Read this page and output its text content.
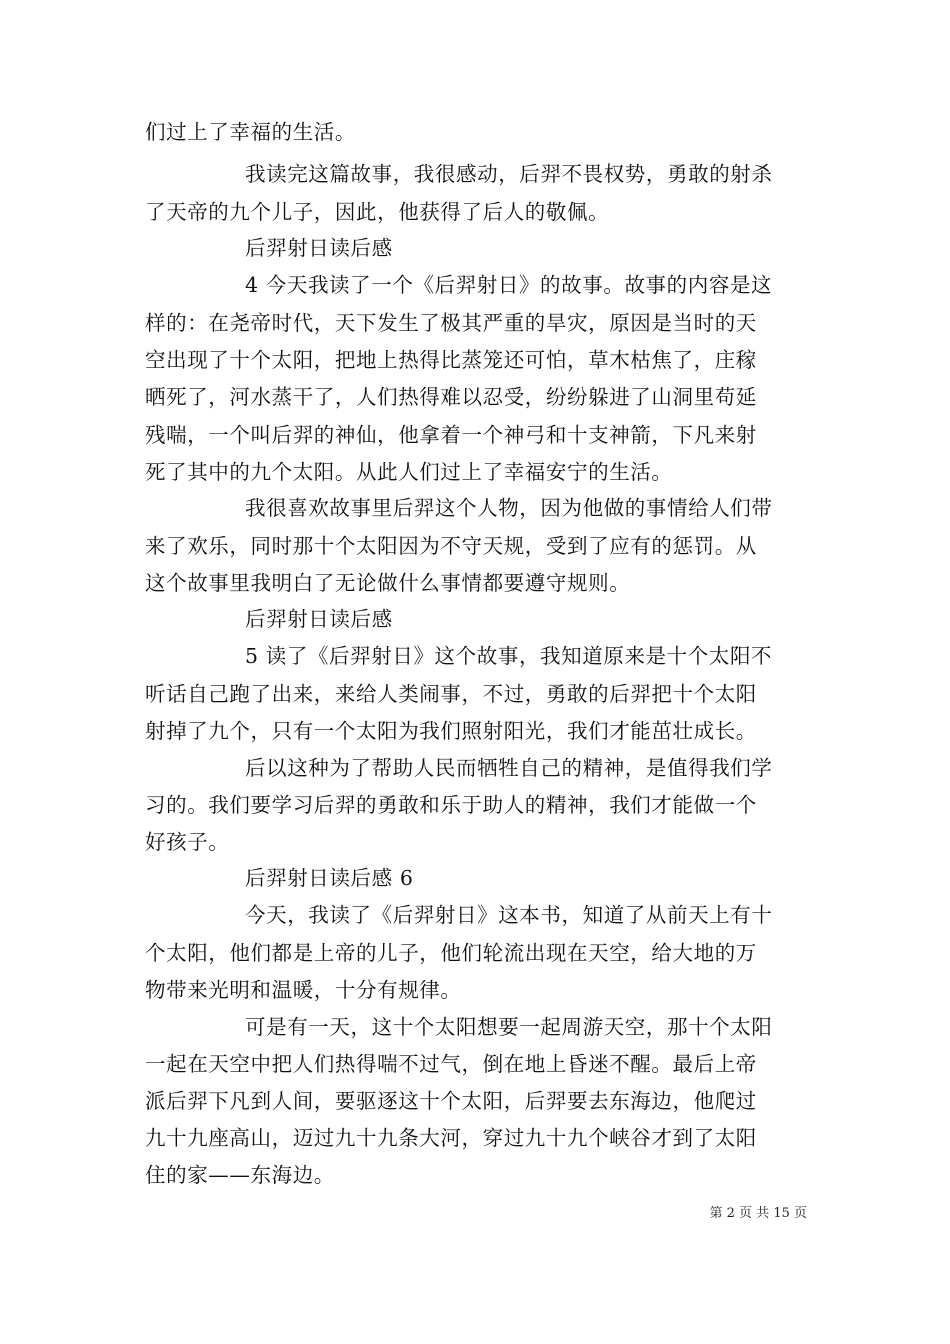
们过上了幸福的生活。
我读完这篇故事，我很感动，后羿不畏权势，勇敢的射杀
了天帝的九个儿子，因此，他获得了后人的敬佩。
后羿射日读后感
4 今天我读了一个《后羿射日》的故事。故事的内容是这
样的：在尧帝时代，天下发生了极其严重的旱灾，原因是当时的天
空出现了十个太阳，把地上热得比蒸笼还可怕，草木枯焦了，庄稼
晒死了，河水蒸干了，人们热得难以忍受，纷纷躲进了山洞里苟延
残喘，一个叫后羿的神仙，他拿着一个神弓和十支神箭，下凡来射
死了其中的九个太阳。从此人们过上了幸福安宁的生活。
我很喜欢故事里后羿这个人物，因为他做的事情给人们带
来了欢乐，同时那十个太阳因为不守天规，受到了应有的惩罚。从
这个故事里我明白了无论做什么事情都要遵守规则。
后羿射日读后感
5 读了《后羿射日》这个故事，我知道原来是十个太阳不
听话自己跑了出来，来给人类闹事，不过，勇敢的后羿把十个太阳
射掉了九个，只有一个太阳为我们照射阳光，我们才能茁壮成长。
后以这种为了帮助人民而牺牲自己的精神，是值得我们学
习的。我们要学习后羿的勇敢和乐于助人的精神，我们才能做一个
好孩子。
后羿射日读后感 6
今天，我读了《后羿射日》这本书，知道了从前天上有十
个太阳，他们都是上帝的儿子，他们轮流出现在天空，给大地的万
物带来光明和温暖，十分有规律。
可是有一天，这十个太阳想要一起周游天空，那十个太阳
一起在天空中把人们热得喘不过气，倒在地上昏迷不醒。最后上帝
派后羿下凡到人间，要驱逐这十个太阳，后羿要去东海边，他爬过
九十九座高山，迈过九十九条大河，穿过九十九个峡谷才到了太阳
住的家——东海边。
第 2 页 共 15 页
